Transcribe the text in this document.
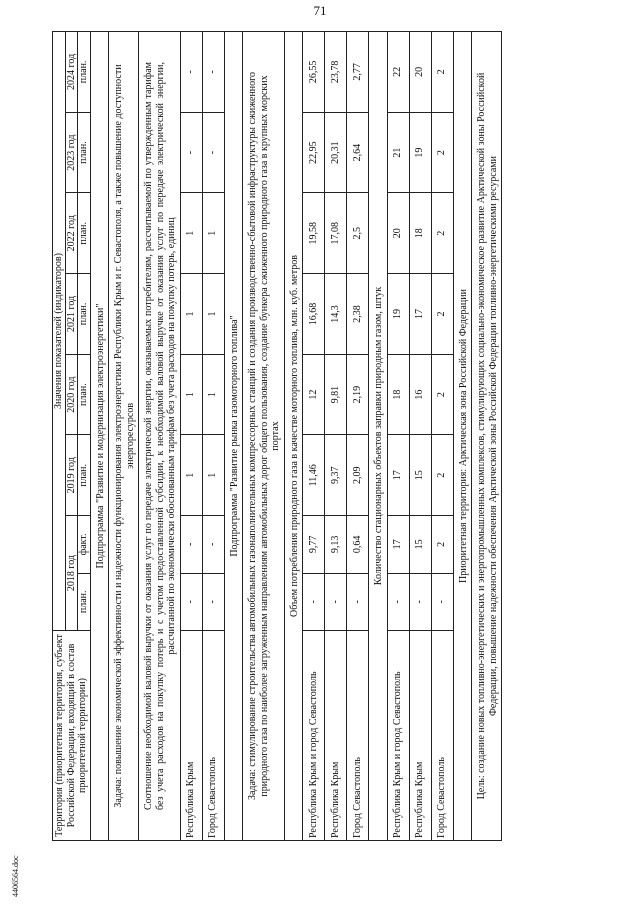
71
4406564.doc
Территория (приоритетная территория, субъект Российской Федерации, входящий в состав приоритетной территории)	Значения показателей (индикаторов)							
	2018 год		2019 год	2020 год	2021 год	2022 год	2023 год	2024 год
	план.	факт.	план.	план.	план.	план.	план.	план.
Подпрограмма "Развитие и модернизация электроэнергетики"								
Задача: повышение экономической эффективности и надежности функционирования электроэнергетики Республики Крым и г. Севастополя, а также повышение доступности энергоресурсов								
Соотношение необходимой валовой выручки от оказания услуг по передаче электрической энергии, оказываемых потребителям, рассчитываемой по утвержденным тарифам без учета расходов на покупку потерь и с учетом предоставленной субсидии, к необходимой валовой выручке от оказания услуг по передаче электрической энергии, рассчитанной по экономически обоснованным тарифам без учета расходов на покупку потерь, единиц								
Республика Крым	-	-	1	1	1	1	-	-
Город Севастополь	-	-	1	1	1	1	-	-
Подпрограмма "Развитие рынка газомоторного топлива"								
Задача: стимулирование строительства автомобильных газонаполнительных компрессорных станций и создания производственно-сбытовой инфраструктуры сжиженного природного газа по наиболее загруженным направлениям автомобильных дорог общего пользования, создание бункера сжиженного природного газа в крупных морских портах								
Объем потребления природного газа в качестве моторного топлива, млн. куб. метров								
Республика Крым и город Севастополь	-	9,77	11,46	12	16,68	19,58	22,95	26,55
Республика Крым	-	9,13	9,37	9,81	14,3	17,08	20,31	23,78
Город Севастополь	-	0,64	2,09	2,19	2,38	2,5	2,64	2,77
Количество стационарных объектов заправки природным газом, штук								
Республика Крым и город Севастополь	-	17	17	18	19	20	21	22
Республика Крым	-	15	15	16	17	18	19	20
Город Севастополь	-	2	2	2	2	2	2	2
Приоритетная территория: Арктическая зона Российской Федерации								
Цель: создание новых топливно-энергетических и энергопромышленных комплексов, стимулирующих социально-экономическое развитие Арктической зоны Российской Федерации, повышение надежности обеспечения Арктической зоны Российской Федерации топливно-энергетическими ресурсами								
